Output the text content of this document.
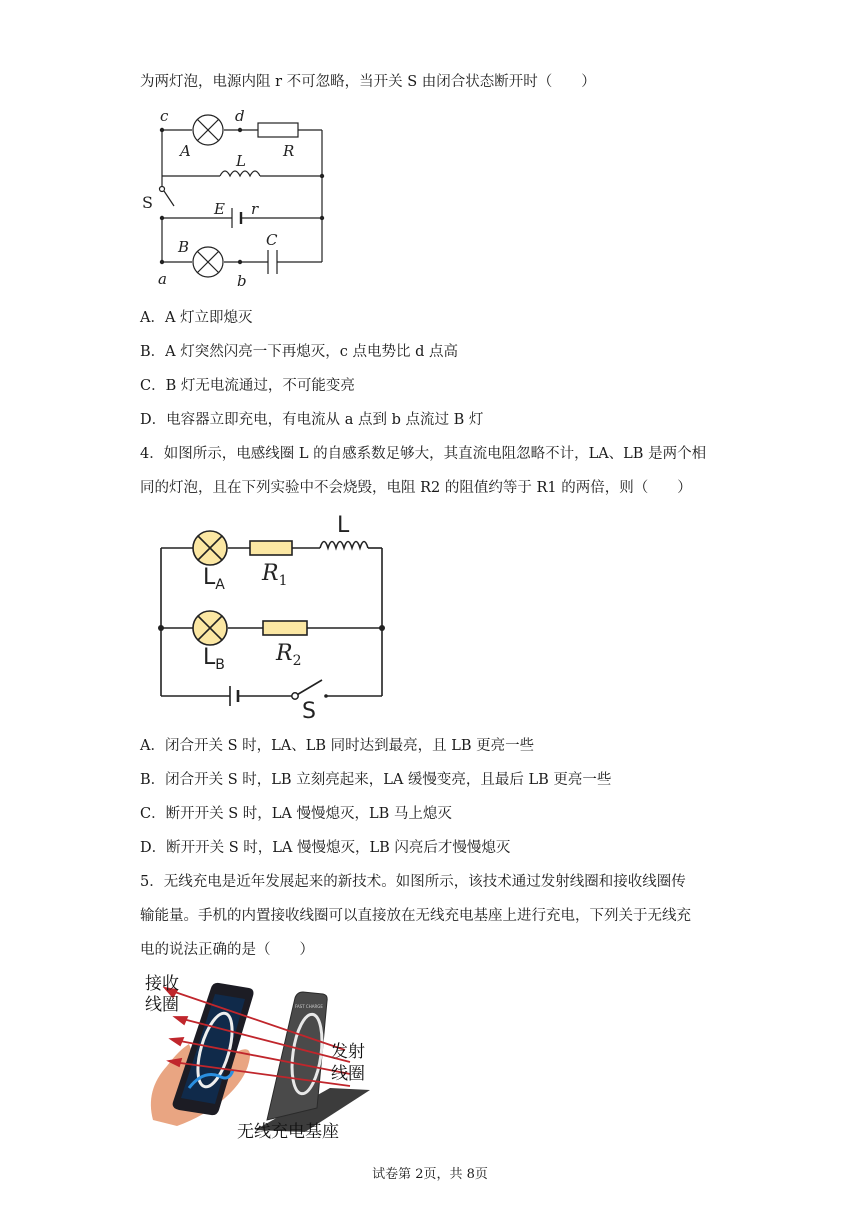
为两灯泡，电源内阻 r 不可忽略，当开关 S 由闭合状态断开时（　　）
c	d
A	R
L
E r
B	C
a	b
S
A．A 灯立即熄灭
B．A 灯突然闪亮一下再熄灭，c 点电势比 d 点高
C．B 灯无电流通过，不可能变亮
D．电容器立即充电，有电流从 a 点到 b 点流过 B 灯
4．如图所示，电感线圈 L 的自感系数足够大，其直流电阻忽略不计，LA、LB 是两个相
同的灯泡，且在下列实验中不会烧毁，电阻 R2 的阻值约等于 R1 的两倍，则（　　）
L
$L_A$
$L_B$
$R_1$
$R_2$
S
A．闭合开关 S 时，LA、LB 同时达到最亮，且 LB 更亮一些
B．闭合开关 S 时，LB 立刻亮起来，LA 缓慢变亮，且最后 LB 更亮一些
C．断开开关 S 时，LA 慢慢熄灭，LB 马上熄灭
D．断开开关 S 时，LA 慢慢熄灭，LB 闪亮后才慢慢熄灭
5．无线充电是近年发展起来的新技术。如图所示，该技术通过发射线圈和接收线圈传
输能量。手机的内置接收线圈可以直接放在无线充电基座上进行充电，下列关于无线充
电的说法正确的是（　　）
FAST CHARGE
接收
线圈
发射
线圈
无线充电基座
试卷第 2页，共 8页
